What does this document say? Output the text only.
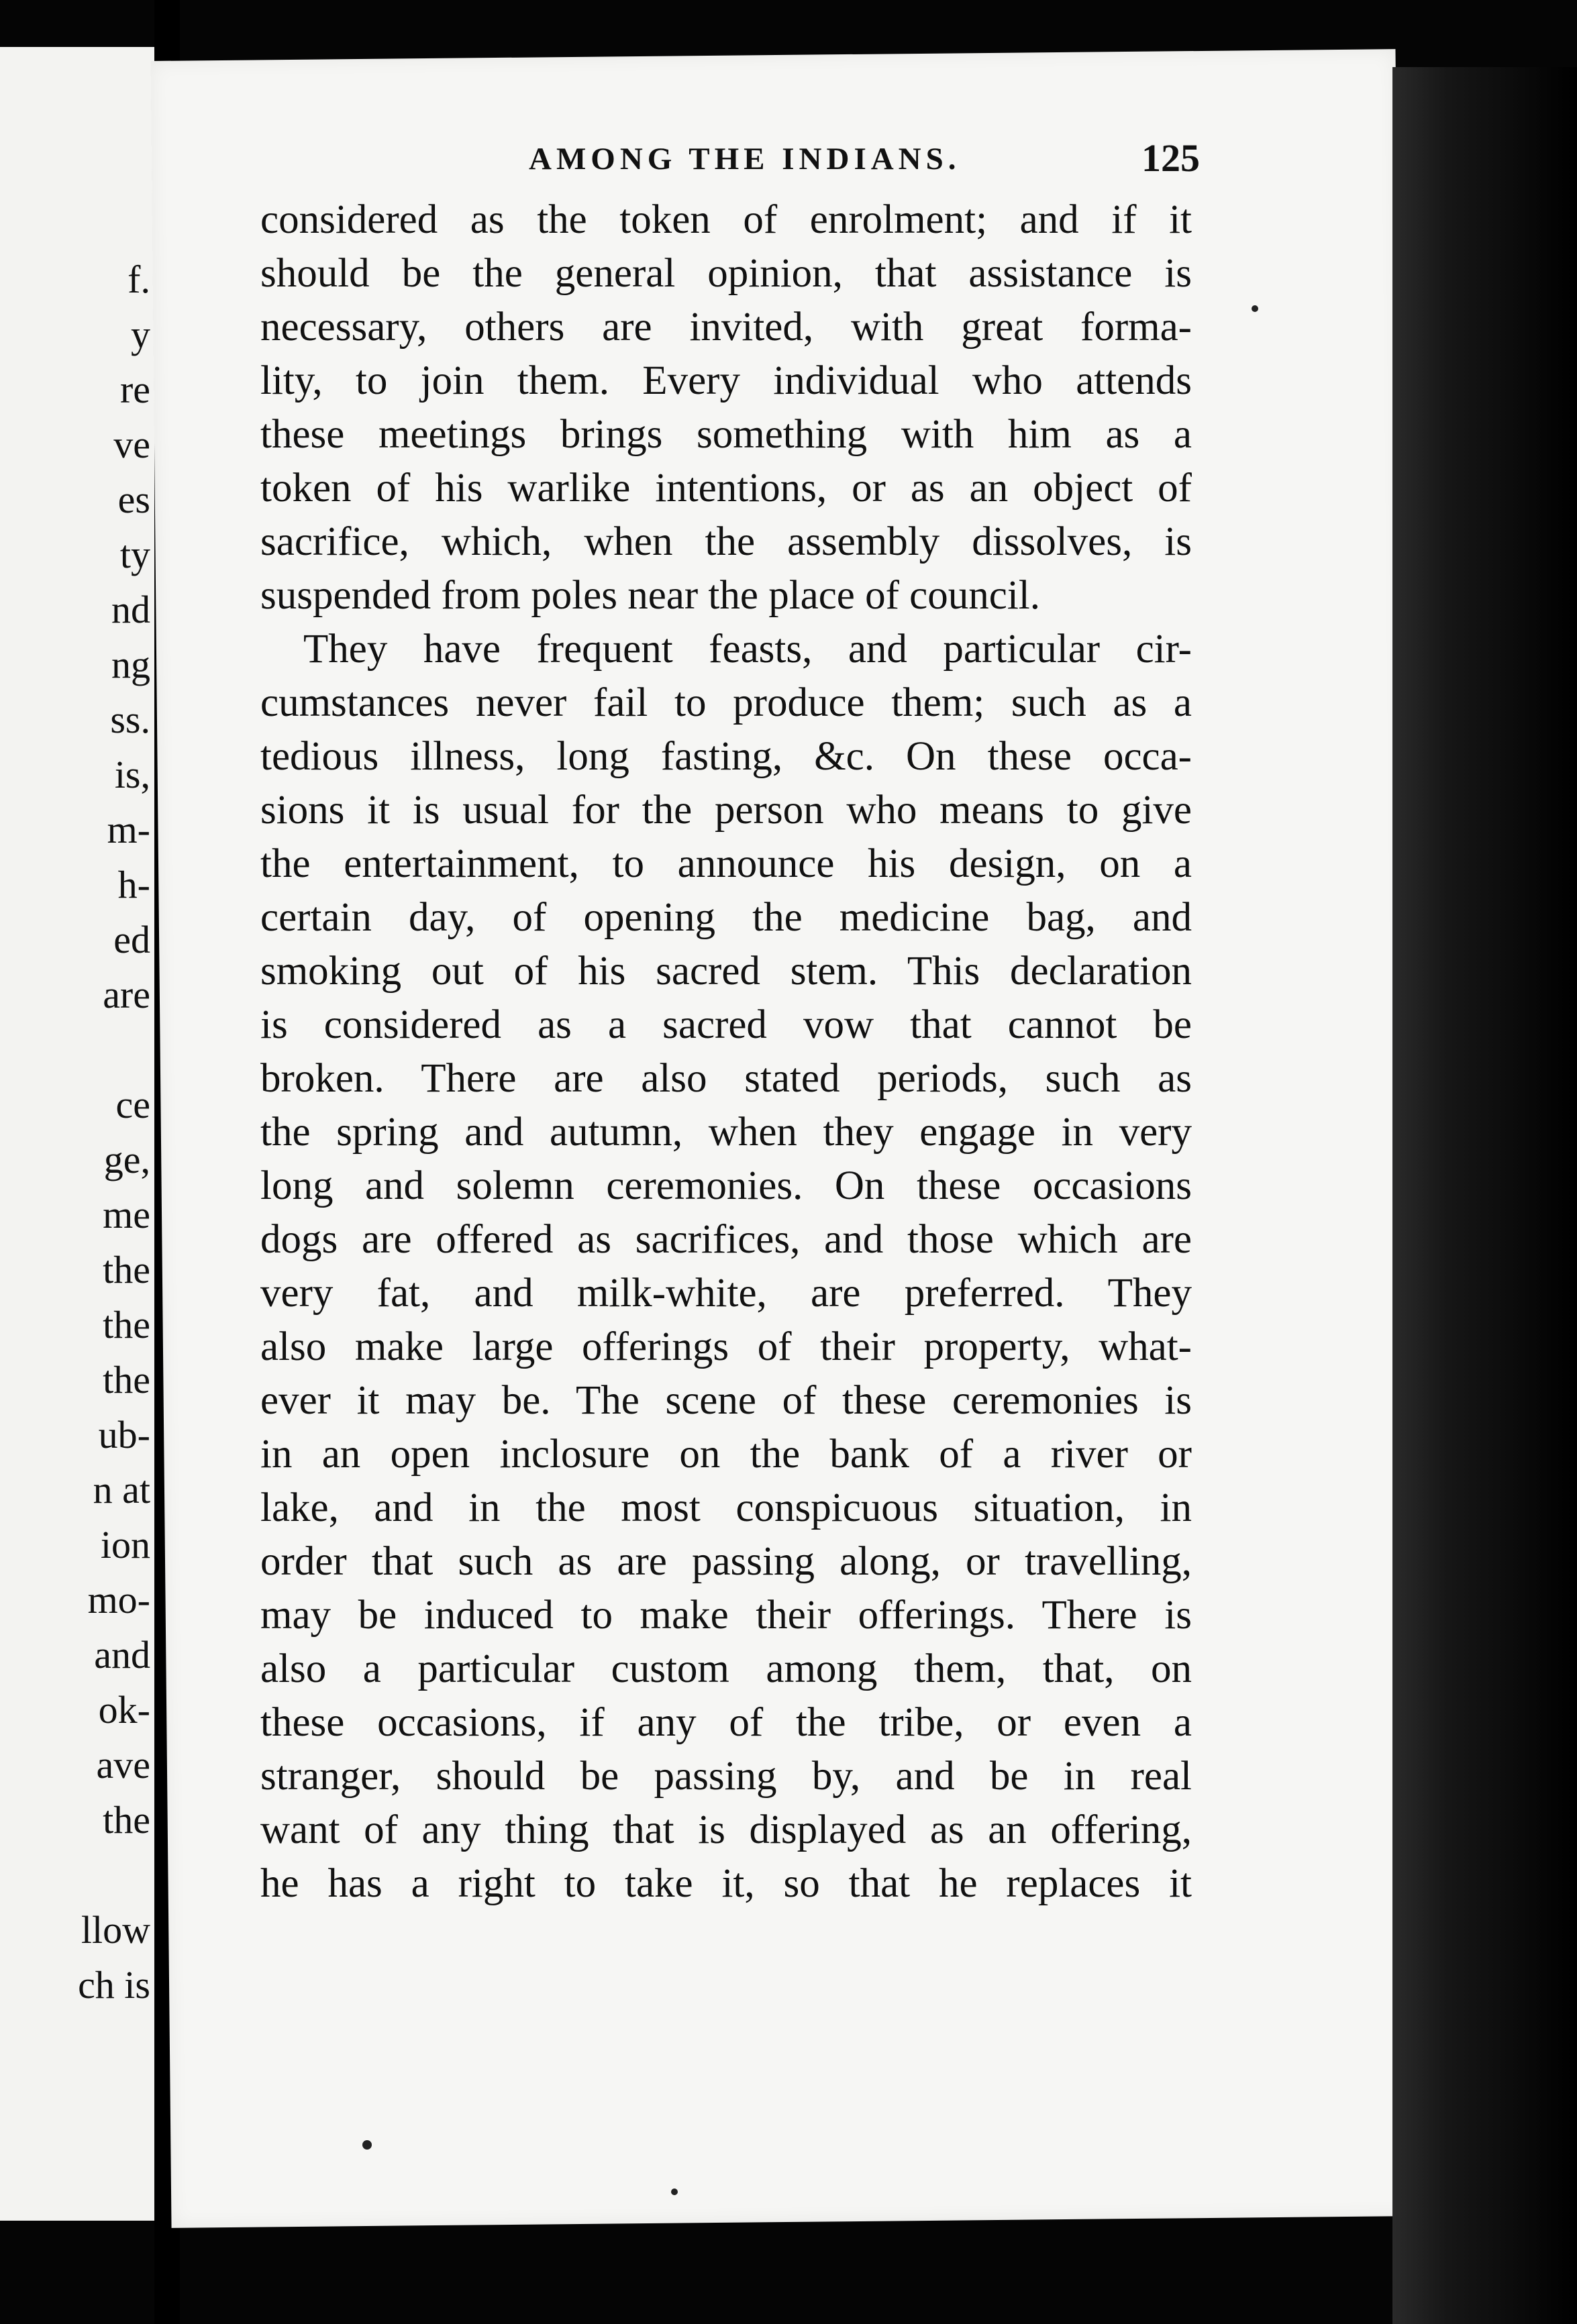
f.
y
re
ve
es
ty
nd
ng
ss.
is,
m-
h-
ed
are
ce
ge,
me
the
the
the
ub-
n at
ion
mo-
and
ok-
ave
the
llow
ch is
AMONG THE INDIANS.	125
considered as the token of enrolment; and if it
should be the general opinion, that assistance is
necessary, others are invited, with great forma-
lity, to join them. Every individual who attends
these meetings brings something with him as a
token of his warlike intentions, or as an object of
sacrifice, which, when the assembly dissolves, is
suspended from poles near the place of council.
They have frequent feasts, and particular cir-
cumstances never fail to produce them; such as a
tedious illness, long fasting, &c. On these occa-
sions it is usual for the person who means to give
the entertainment, to announce his design, on a
certain day, of opening the medicine bag, and
smoking out of his sacred stem. This declaration
is considered as a sacred vow that cannot be
broken. There are also stated periods, such as
the spring and autumn, when they engage in very
long and solemn ceremonies. On these occasions
dogs are offered as sacrifices, and those which are
very fat, and milk-white, are preferred. They
also make large offerings of their property, what-
ever it may be. The scene of these ceremonies is
in an open inclosure on the bank of a river or
lake, and in the most conspicuous situation, in
order that such as are passing along, or travelling,
may be induced to make their offerings. There is
also a particular custom among them, that, on
these occasions, if any of the tribe, or even a
stranger, should be passing by, and be in real
want of any thing that is displayed as an offering,
he has a right to take it, so that he replaces it
